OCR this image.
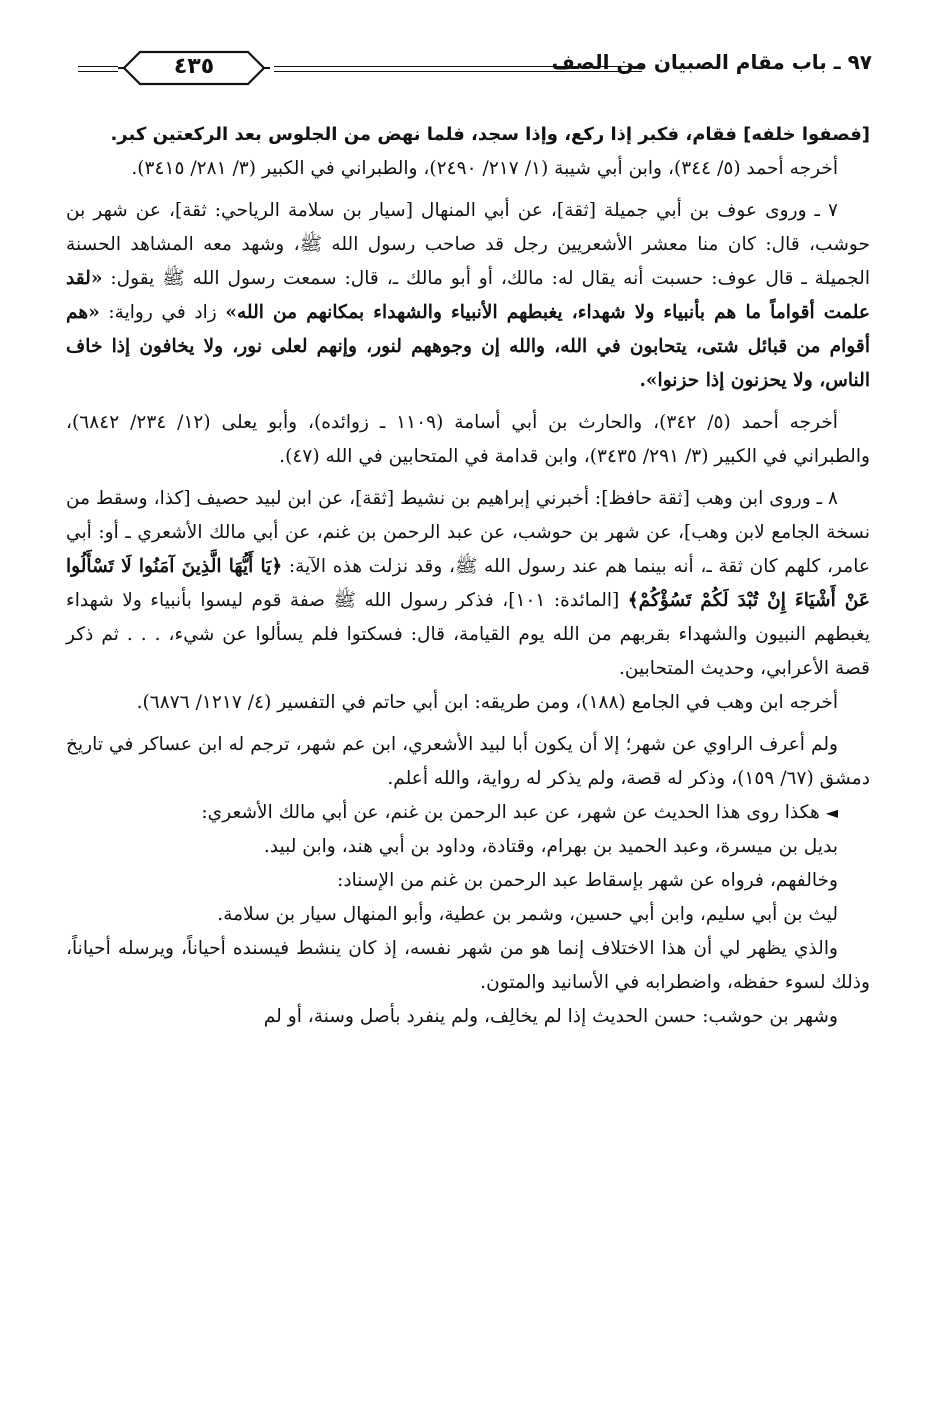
٤٣٥	٩٧ ـ باب مقام الصبيان من الصف

[فصفوا خلفه] فقام، فكبر إذا ركع، وإذا سجد، فلما نهض من الجلوس بعد الركعتين كبر.

أخرجه أحمد (٥/ ٣٤٤)، وابن أبي شيبة (١/ ٢١٧/ ٢٤٩٠)، والطبراني في الكبير (٣/ ٢٨١/ ٣٤١٥).

٧ ـ وروى عوف بن أبي جميلة [ثقة]، عن أبي المنهال [سيار بن سلامة الرياحي: ثقة]، عن شهر بن حوشب، قال: كان منا معشر الأشعريين رجل قد صاحب رسول الله ﷺ، وشهد معه المشاهد الحسنة الجميلة ـ قال عوف: حسبت أنه يقال له: مالك، أو أبو مالك ـ، قال: سمعت رسول الله ﷺ يقول: «لقد علمت أقواماً ما هم بأنبياء ولا شهداء، يغبطهم الأنبياء والشهداء بمكانهم من الله» زاد في رواية: «هم أقوام من قبائل شتى، يتحابون في الله، والله إن وجوههم لنور، وإنهم لعلى نور، ولا يخافون إذا خاف الناس، ولا يحزنون إذا حزنوا».

أخرجه أحمد (٥/ ٣٤٢)، والحارث بن أبي أسامة (١١٠٩ ـ زوائده)، وأبو يعلى (١٢/ ٢٣٤/ ٦٨٤٢)، والطبراني في الكبير (٣/ ٢٩١/ ٣٤٣٥)، وابن قدامة في المتحابين في الله (٤٧).

٨ ـ وروى ابن وهب [ثقة حافظ]: أخبرني إبراهيم بن نشيط [ثقة]، عن ابن لبيد حصيف [كذا، وسقط من نسخة الجامع لابن وهب]، عن شهر بن حوشب، عن عبد الرحمن بن غنم، عن أبي مالك الأشعري ـ أو: أبي عامر، كلهم كان ثقة ـ، أنه بينما هم عند رسول الله ﷺ، وقد نزلت هذه الآية: ﴿يَا أَيُّهَا الَّذِينَ آمَنُوا لَا تَسْأَلُوا عَنْ أَشْيَاءَ إِنْ تُبْدَ لَكُمْ تَسُؤْكُمْ﴾ [المائدة: ١٠١]، فذكر رسول الله ﷺ صفة قوم ليسوا بأنبياء ولا شهداء يغبطهم النبيون والشهداء بقربهم من الله يوم القيامة، قال: فسكتوا فلم يسألوا عن شيء، . . . ثم ذكر قصة الأعرابي، وحديث المتحابين.

أخرجه ابن وهب في الجامع (١٨٨)، ومن طريقه: ابن أبي حاتم في التفسير (٤/ ١٢١٧/ ٦٨٧٦).

ولم أعرف الراوي عن شهر؛ إلا أن يكون أبا لبيد الأشعري، ابن عم شهر، ترجم له ابن عساكر في تاريخ دمشق (٦٧/ ١٥٩)، وذكر له قصة، ولم يذكر له رواية، والله أعلم.

◄ هكذا روى هذا الحديث عن شهر، عن عبد الرحمن بن غنم، عن أبي مالك الأشعري:

بديل بن ميسرة، وعبد الحميد بن بهرام، وقتادة، وداود بن أبي هند، وابن لبيد.

وخالفهم، فرواه عن شهر بإسقاط عبد الرحمن بن غنم من الإسناد:

ليث بن أبي سليم، وابن أبي حسين، وشمر بن عطية، وأبو المنهال سيار بن سلامة.

والذي يظهر لي أن هذا الاختلاف إنما هو من شهر نفسه، إذ كان ينشط فيسنده أحياناً، ويرسله أحياناً، وذلك لسوء حفظه، واضطرابه في الأسانيد والمتون.

وشهر بن حوشب: حسن الحديث إذا لم يخالِف، ولم ينفرد بأصل وسنة، أو لم
